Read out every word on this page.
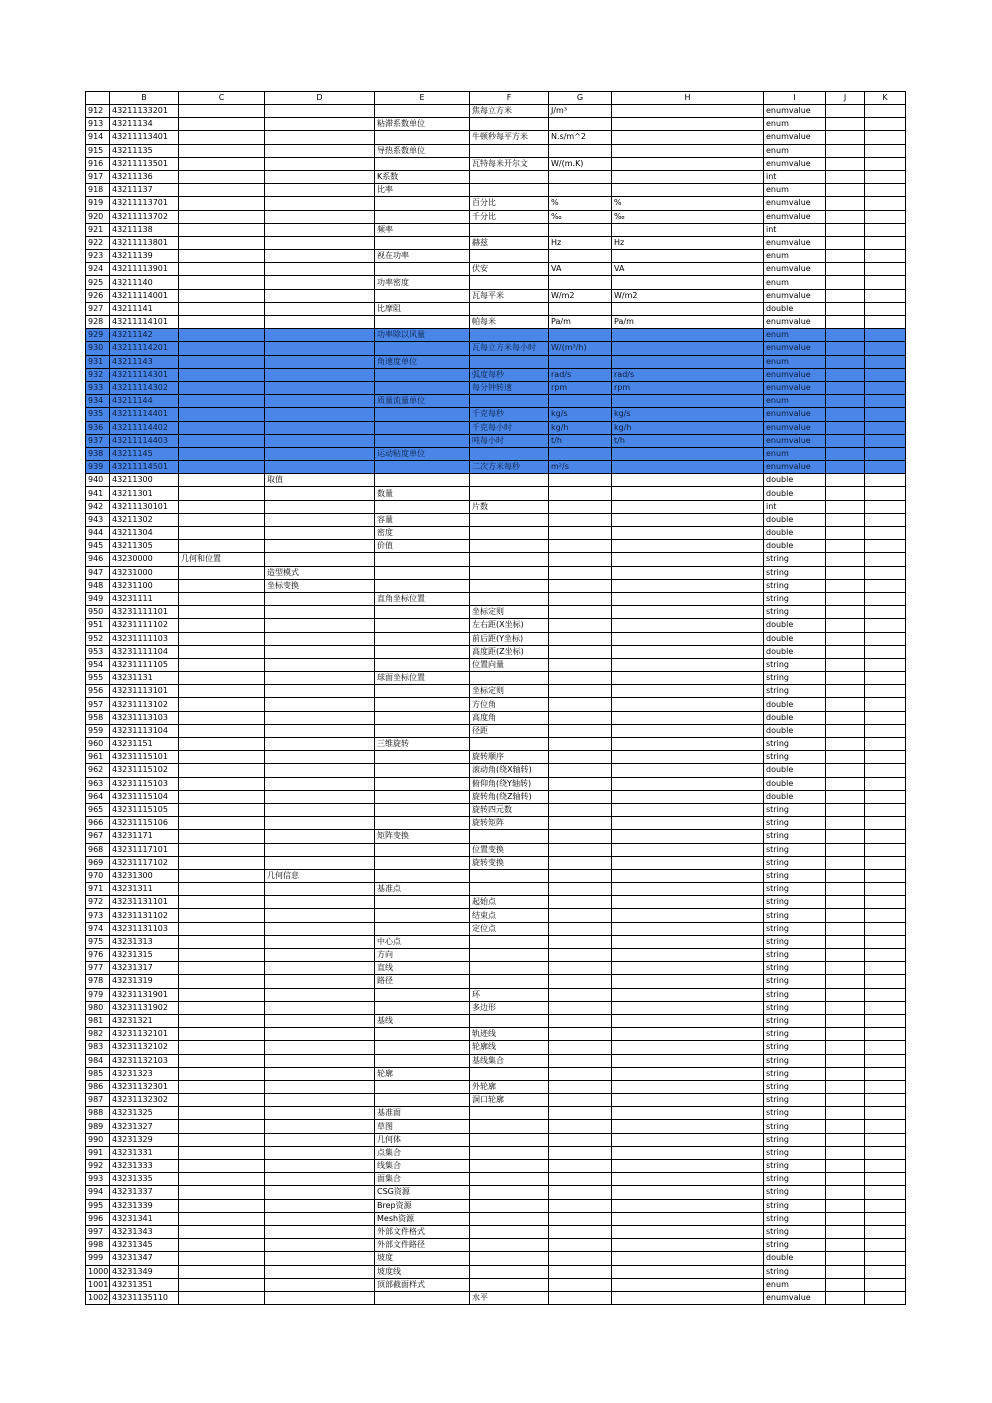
	B	C	D	E	F	G	H	I	J	K
912	43211133201				焦每立方米	J/m³		enumvalue		
913	43211134			粘滞系数单位				enum		
914	43211113401				牛顿秒每平方米	N.s/m^2		enumvalue		
915	43211135			导热系数单位				enum		
916	43211113501				瓦特每米开尔文	W/(m.K)		enumvalue		
917	43211136			K系数				int		
918	43211137			比率				enum		
919	43211113701				百分比	%	%	enumvalue		
920	43211113702				千分比	‰	‰	enumvalue		
921	43211138			频率				int		
922	43211113801				赫兹	Hz	Hz	enumvalue		
923	43211139			视在功率				enum		
924	43211113901				伏安	VA	VA	enumvalue		
925	43211140			功率密度				enum		
926	43211114001				瓦每平米	W/m2	W/m2	enumvalue		
927	43211141			比摩阻				double		
928	43211114101				帕每米	Pa/m	Pa/m	enumvalue		
929	43211142			功率除以风量				enum		
930	43211114201				瓦每立方米每小时	W/(m³/h)		enumvalue		
931	43211143			角速度单位				enum		
932	43211114301				弧度每秒	rad/s	rad/s	enumvalue		
933	43211114302				每分钟转速	rpm	rpm	enumvalue		
934	43211144			质量流量单位				enum		
935	43211114401				千克每秒	kg/s	kg/s	enumvalue		
936	43211114402				千克每小时	kg/h	kg/h	enumvalue		
937	43211114403				吨每小时	t/h	t/h	enumvalue		
938	43211145			运动粘度单位				enum		
939	43211114501				二次方米每秒	m²/s		enumvalue		
940	43211300		取值					double		
941	43211301			数量				double		
942	43211130101				片数			int		
943	43211302			容量				double		
944	43211304			密度				double		
945	43211305			价值				double		
946	43230000	几何和位置						string		
947	43231000		造型模式					string		
948	43231100		坐标变换					string		
949	43231111			直角坐标位置				string		
950	43231111101				坐标定则			string		
951	43231111102				左右距(X坐标)			double		
952	43231111103				前后距(Y坐标)			double		
953	43231111104				高度距(Z坐标)			double		
954	43231111105				位置向量			string		
955	43231131			球面坐标位置				string		
956	43231113101				坐标定则			string		
957	43231113102				方位角			double		
958	43231113103				高度角			double		
959	43231113104				径距			double		
960	43231151			三维旋转				string		
961	43231115101				旋转顺序			string		
962	43231115102				滚动角(绕X轴转)			double		
963	43231115103				俯仰角(绕Y轴转)			double		
964	43231115104				旋转角(绕Z轴转)			double		
965	43231115105				旋转四元数			string		
966	43231115106				旋转矩阵			string		
967	43231171			矩阵变换				string		
968	43231117101				位置变换			string		
969	43231117102				旋转变换			string		
970	43231300		几何信息					string		
971	43231311			基准点				string		
972	43231131101				起始点			string		
973	43231131102				结束点			string		
974	43231131103				定位点			string		
975	43231313			中心点				string		
976	43231315			方向				string		
977	43231317			直线				string		
978	43231319			路径				string		
979	43231131901				环			string		
980	43231131902				多边形			string		
981	43231321			基线				string		
982	43231132101				轨迹线			string		
983	43231132102				轮廓线			string		
984	43231132103				基线集合			string		
985	43231323			轮廓				string		
986	43231132301				外轮廓			string		
987	43231132302				洞口轮廓			string		
988	43231325			基准面				string		
989	43231327			草图				string		
990	43231329			几何体				string		
991	43231331			点集合				string		
992	43231333			线集合				string		
993	43231335			面集合				string		
994	43231337			CSG资源				string		
995	43231339			Brep资源				string		
996	43231341			Mesh资源				string		
997	43231343			外部文件格式				string		
998	43231345			外部文件路径				string		
999	43231347			坡度				double		
1000	43231349			坡度线				string		
1001	43231351			顶部截面样式				enum		
1002	43231135110				水平			enumvalue		
